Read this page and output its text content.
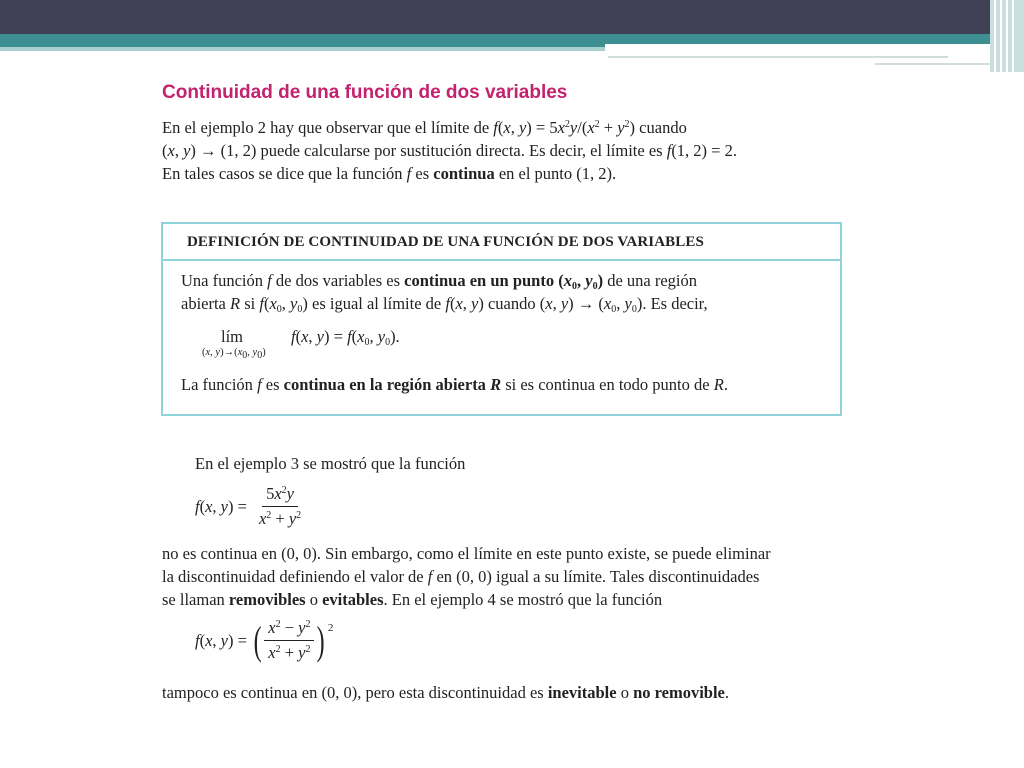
Continuidad de una función de dos variables

En el ejemplo 2 hay que observar que el límite de f(x, $y) = 5x^2y/(x^2 + y^2)$ cuando

(x, y) → (1, 2) puede calcularse por sustitución directa. Es decir, el límite es f(1, 2) = 2.

En tales casos se dice que la función f es continua en el punto (1, 2).

DEFINICIÓN DE CONTINUIDAD DE UNA FUNCIÓN DE DOS VARIABLES

Una función f de dos variables es continua en un punto ($x_0$, $y_0$) de una región

abierta R si $f(x_0$, $y_0$) es igual al límite de f(x, y) cuando (x, $y) \to (x_0$, $y_0$). Es decir,

lím
(x, $y)\to(x_0$, $y_0$)
f(x, $y) = f(x_0$, $y_0$).

La función f es continua en la región abierta R si es continua en todo punto de R.

En el ejemplo 3 se mostró que la función

f(x, $y) = \frac{5x^2y}{x^2 + y^2}$

no es continua en (0, 0). Sin embargo, como el límite en este punto existe, se puede eliminar

la discontinuidad definiendo el valor de f en (0, 0) igual a su límite. Tales discontinuidades

se llaman removibles o evitables. En el ejemplo 4 se mostró que la función

f(x, y) = ( $\frac{x^2 - y^2}{x^2 + y^2}$ ) 2

tampoco es continua en (0, 0), pero esta discontinuidad es inevitable o no removible.
